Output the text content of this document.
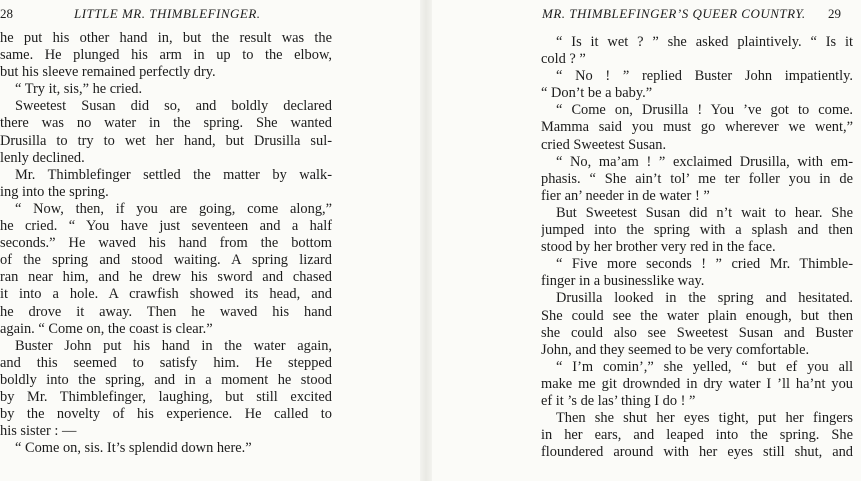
28	LITTLE MR. THIMBLEFINGER.
he put his other hand in, but the result was the
same. He plunged his arm in up to the elbow,
but his sleeve remained perfectly dry.
“ Try it, sis,” he cried.
Sweetest Susan did so, and boldly declared
there was no water in the spring. She wanted
Drusilla to try to wet her hand, but Drusilla sul-
lenly declined.
Mr. Thimblefinger settled the matter by walk-
ing into the spring.
“ Now, then, if you are going, come along,”
he cried. “ You have just seventeen and a half
seconds.” He waved his hand from the bottom
of the spring and stood waiting. A spring lizard
ran near him, and he drew his sword and chased
it into a hole. A crawfish showed its head, and
he drove it away. Then he waved his hand
again. “ Come on, the coast is clear.”
Buster John put his hand in the water again,
and this seemed to satisfy him. He stepped
boldly into the spring, and in a moment he stood
by Mr. Thimblefinger, laughing, but still excited
by the novelty of his experience. He called to
his sister : —
“ Come on, sis. It’s splendid down here.”
MR. THIMBLEFINGER’S QUEER COUNTRY. 29
“ Is it wet ? ” she asked plaintively. “ Is it
cold ? ”
“ No ! ” replied Buster John impatiently.
“ Don’t be a baby.”
“ Come on, Drusilla ! You ’ve got to come.
Mamma said you must go wherever we went,”
cried Sweetest Susan.
“ No, ma’am ! ” exclaimed Drusilla, with em-
phasis. “ She ain’t tol’ me ter foller you in de
fier an’ needer in de water ! ”
But Sweetest Susan did n’t wait to hear. She
jumped into the spring with a splash and then
stood by her brother very red in the face.
“ Five more seconds ! ” cried Mr. Thimble-
finger in a businesslike way.
Drusilla looked in the spring and hesitated.
She could see the water plain enough, but then
she could also see Sweetest Susan and Buster
John, and they seemed to be very comfortable.
“ I’m comin’,” she yelled, “ but ef you all
make me git drownded in dry water I ’ll ha’nt you
ef it ’s de las’ thing I do ! ”
Then she shut her eyes tight, put her fingers
in her ears, and leaped into the spring. She
floundered around with her eyes still shut, and
